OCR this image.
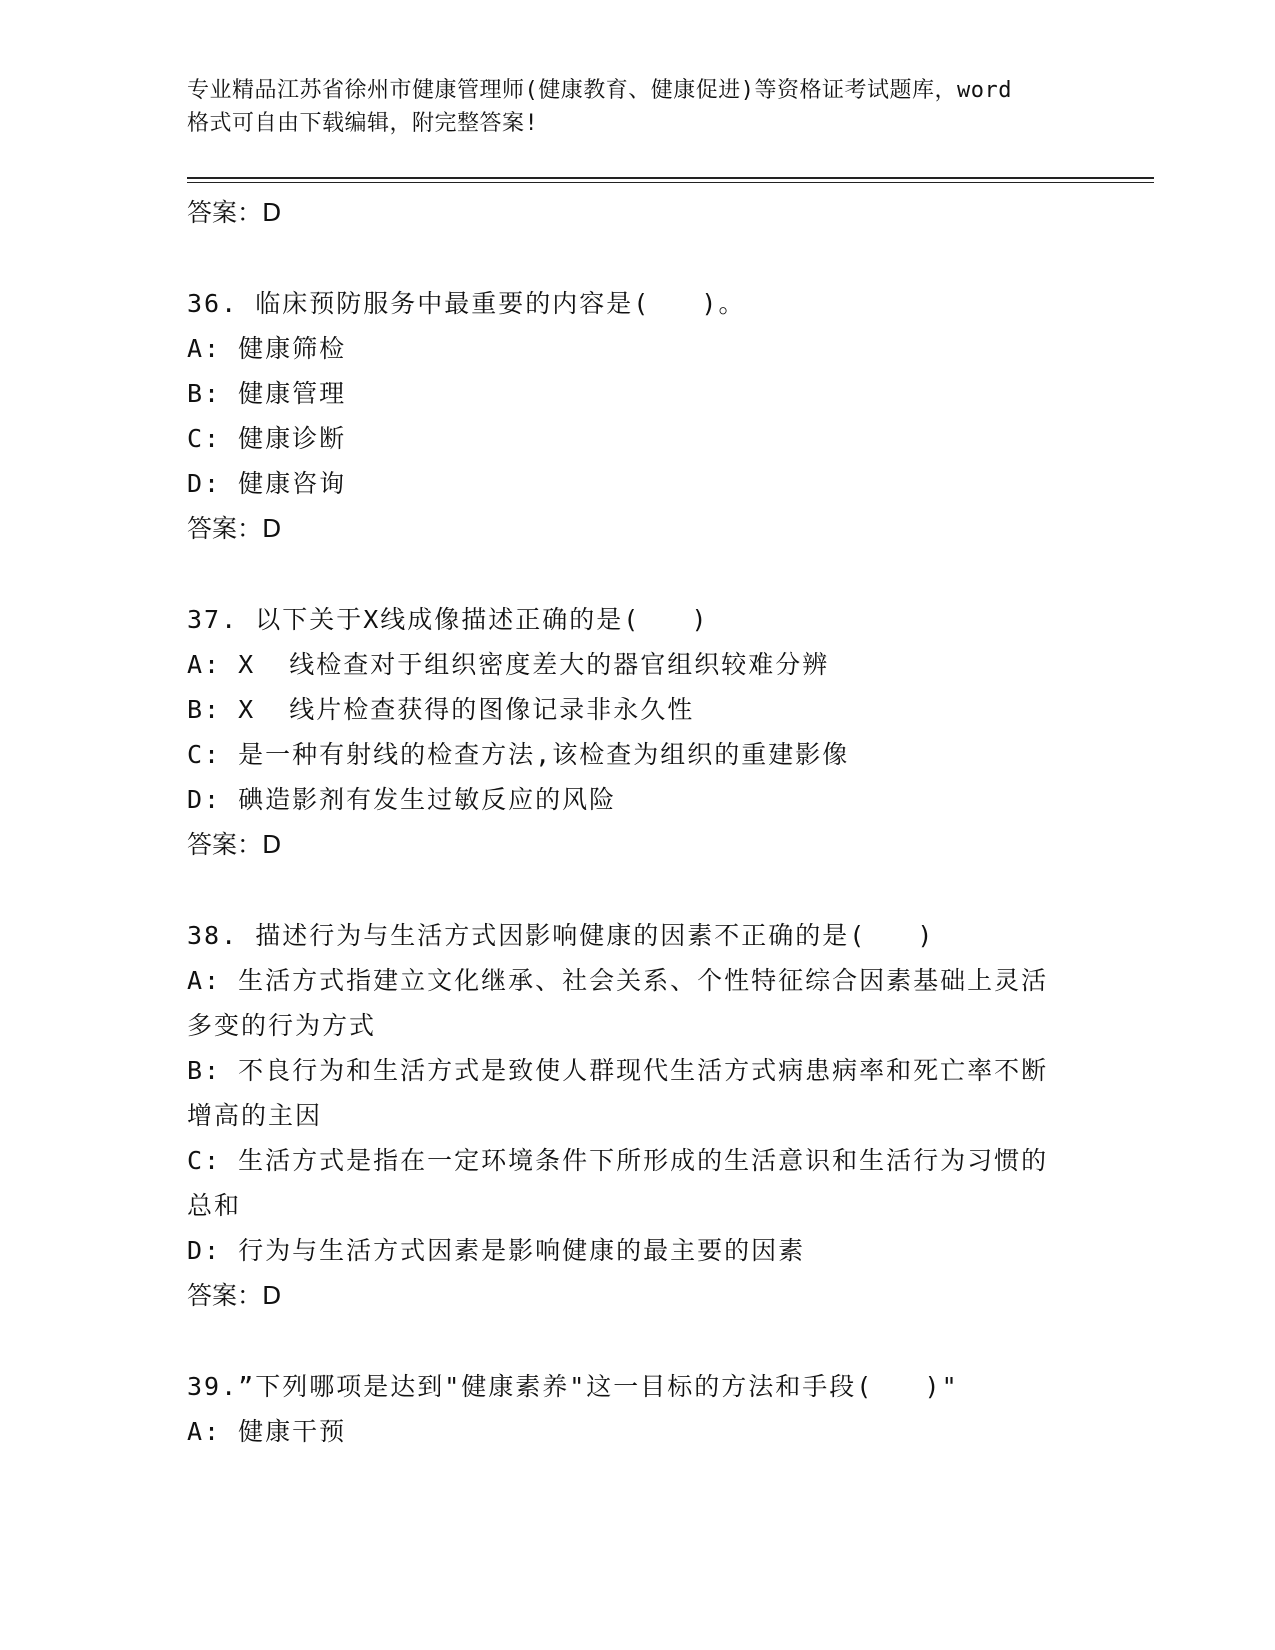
专业精品江苏省徐州市健康管理师(健康教育、健康促进)等资格证考试题库，word
格式可自由下载编辑，附完整答案!
答案：D
36. 临床预防服务中最重要的内容是(   )。
A: 健康筛检
B: 健康管理
C: 健康诊断
D: 健康咨询
答案：D
37. 以下关于X线成像描述正确的是(   )
A: X  线检查对于组织密度差大的器官组织较难分辨
B: X  线片检查获得的图像记录非永久性
C: 是一种有射线的检查方法,该检查为组织的重建影像
D: 碘造影剂有发生过敏反应的风险
答案：D
38. 描述行为与生活方式因影响健康的因素不正确的是(   )
A: 生活方式指建立文化继承、社会关系、个性特征综合因素基础上灵活多变的行为方式
B: 不良行为和生活方式是致使人群现代生活方式病患病率和死亡率不断增高的主因
C: 生活方式是指在一定环境条件下所形成的生活意识和生活行为习惯的总和
D: 行为与生活方式因素是影响健康的最主要的因素
答案：D
39.”下列哪项是达到"健康素养"这一目标的方法和手段(   )"
A: 健康干预
